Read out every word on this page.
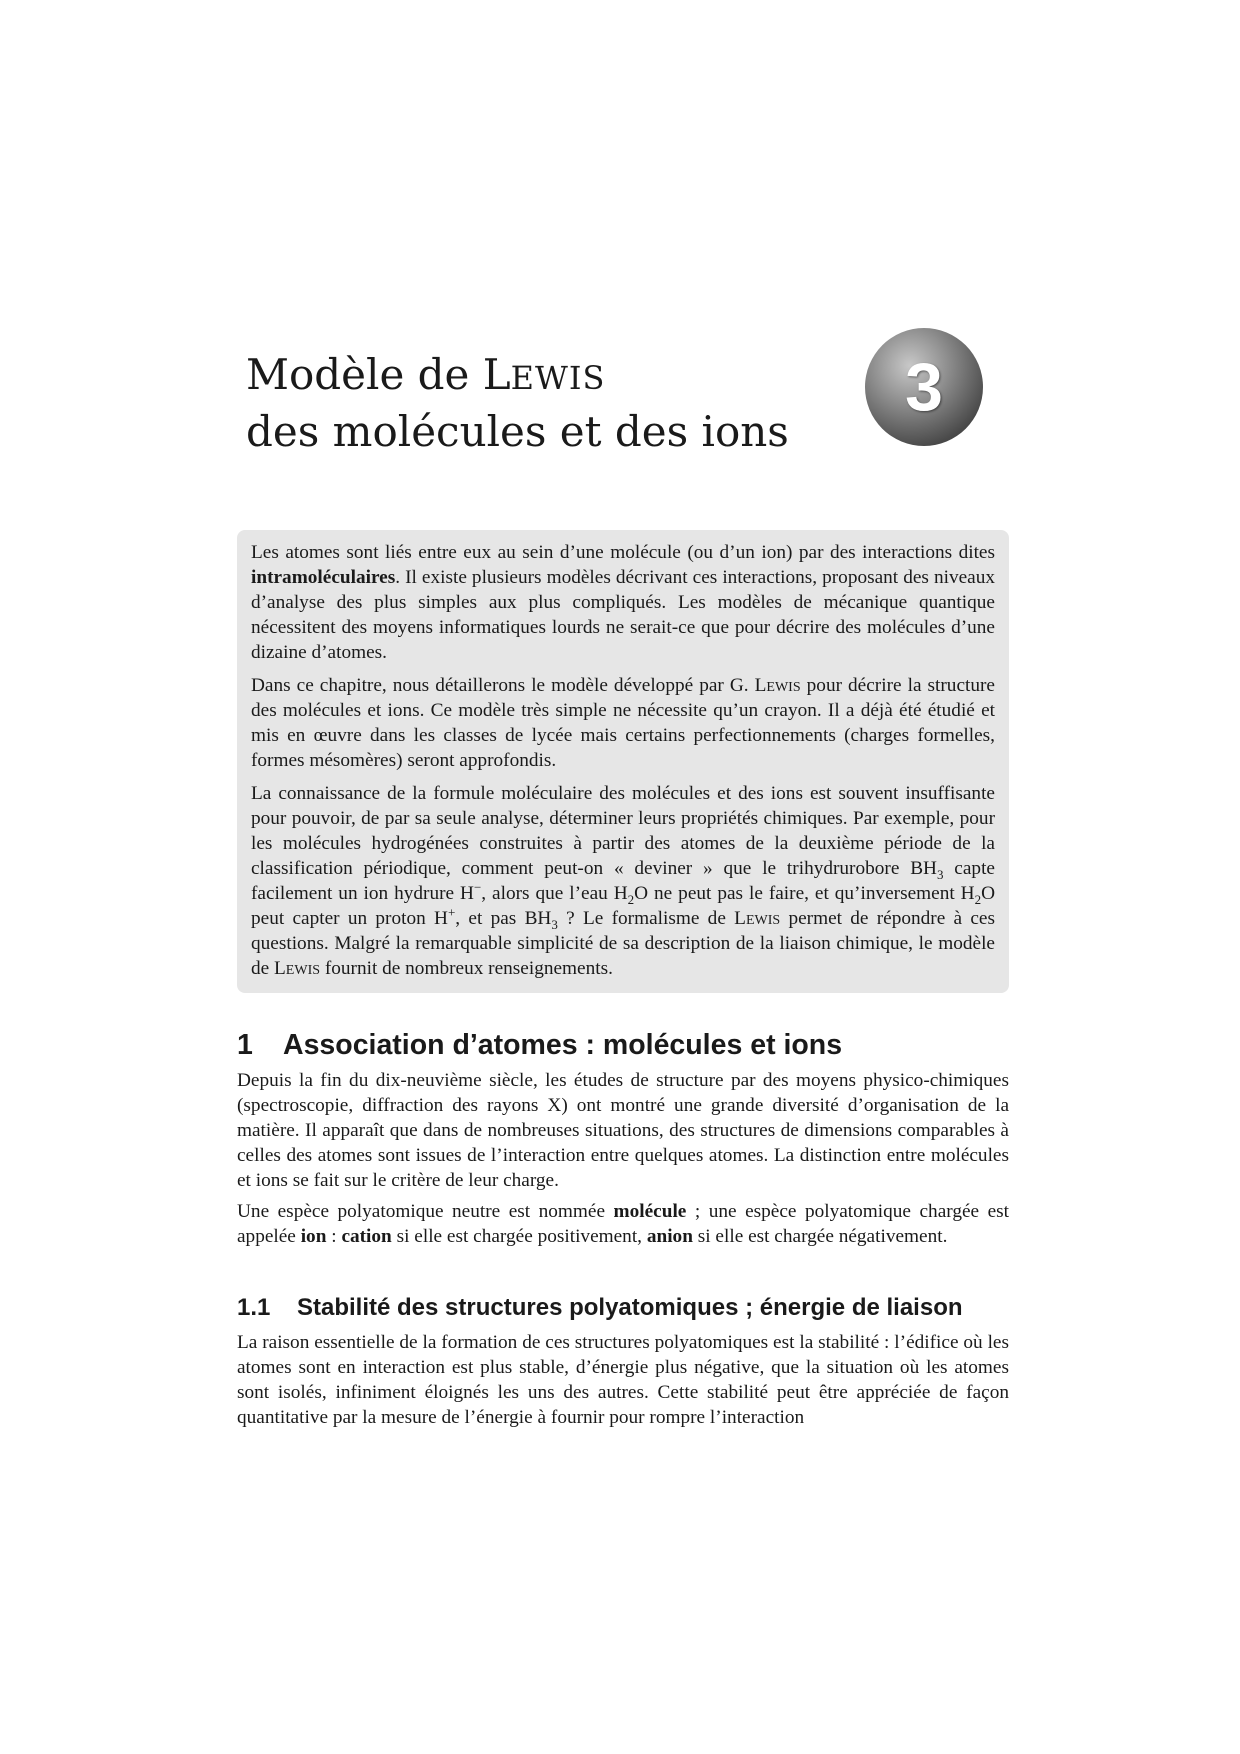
Modèle de LEWIS
des molécules et des ions
3

Les atomes sont liés entre eux au sein d’une molécule (ou d’un ion) par des interactions dites intramoléculaires. Il existe plusieurs modèles décrivant ces interactions, proposant des niveaux d’analyse des plus simples aux plus compliqués. Les modèles de mécanique quantique nécessitent des moyens informatiques lourds ne serait-ce que pour décrire des molécules d’une dizaine d’atomes.

Dans ce chapitre, nous détaillerons le modèle développé par G. Lewis pour décrire la structure des molécules et ions. Ce modèle très simple ne nécessite qu’un crayon. Il a déjà été étudié et mis en œuvre dans les classes de lycée mais certains perfectionnements (charges formelles, formes mésomères) seront approfondis.

La connaissance de la formule moléculaire des molécules et des ions est souvent insuffisante pour pouvoir, de par sa seule analyse, déterminer leurs propriétés chimiques. Par exemple, pour les molécules hydrogénées construites à partir des atomes de la deuxième période de la classification périodique, comment peut-on « deviner » que le trihydruroborе $BH_3$ capte facilement un ion hydrure H−, alors que l’eau $H_2O$ ne peut pas le faire, et qu’inversement $H_2O$ peut capter un proton H+, et pas $BH_3$ ? Le formalisme de Lewis permet de répondre à ces questions. Malgré la remarquable simplicité de sa description de la liaison chimique, le modèle de Lewis fournit de nombreux renseignements.

1 Association d’atomes : molécules et ions

Depuis la fin du dix-neuvième siècle, les études de structure par des moyens physico-chimiques (spectroscopie, diffraction des rayons X) ont montré une grande diversité d’organisation de la matière. Il apparaît que dans de nombreuses situations, des structures de dimensions comparables à celles des atomes sont issues de l’interaction entre quelques atomes. La distinction entre molécules et ions se fait sur le critère de leur charge.

Une espèce polyatomique neutre est nommée molécule ; une espèce polyatomique chargée est appelée ion : cation si elle est chargée positivement, anion si elle est chargée négativement.

1.1 Stabilité des structures polyatomiques ; énergie de liaison

La raison essentielle de la formation de ces structures polyatomiques est la stabilité : l’édifice où les atomes sont en interaction est plus stable, d’énergie plus négative, que la situation où les atomes sont isolés, infiniment éloignés les uns des autres. Cette stabilité peut être appréciée de façon quantitative par la mesure de l’énergie à fournir pour rompre l’interaction
